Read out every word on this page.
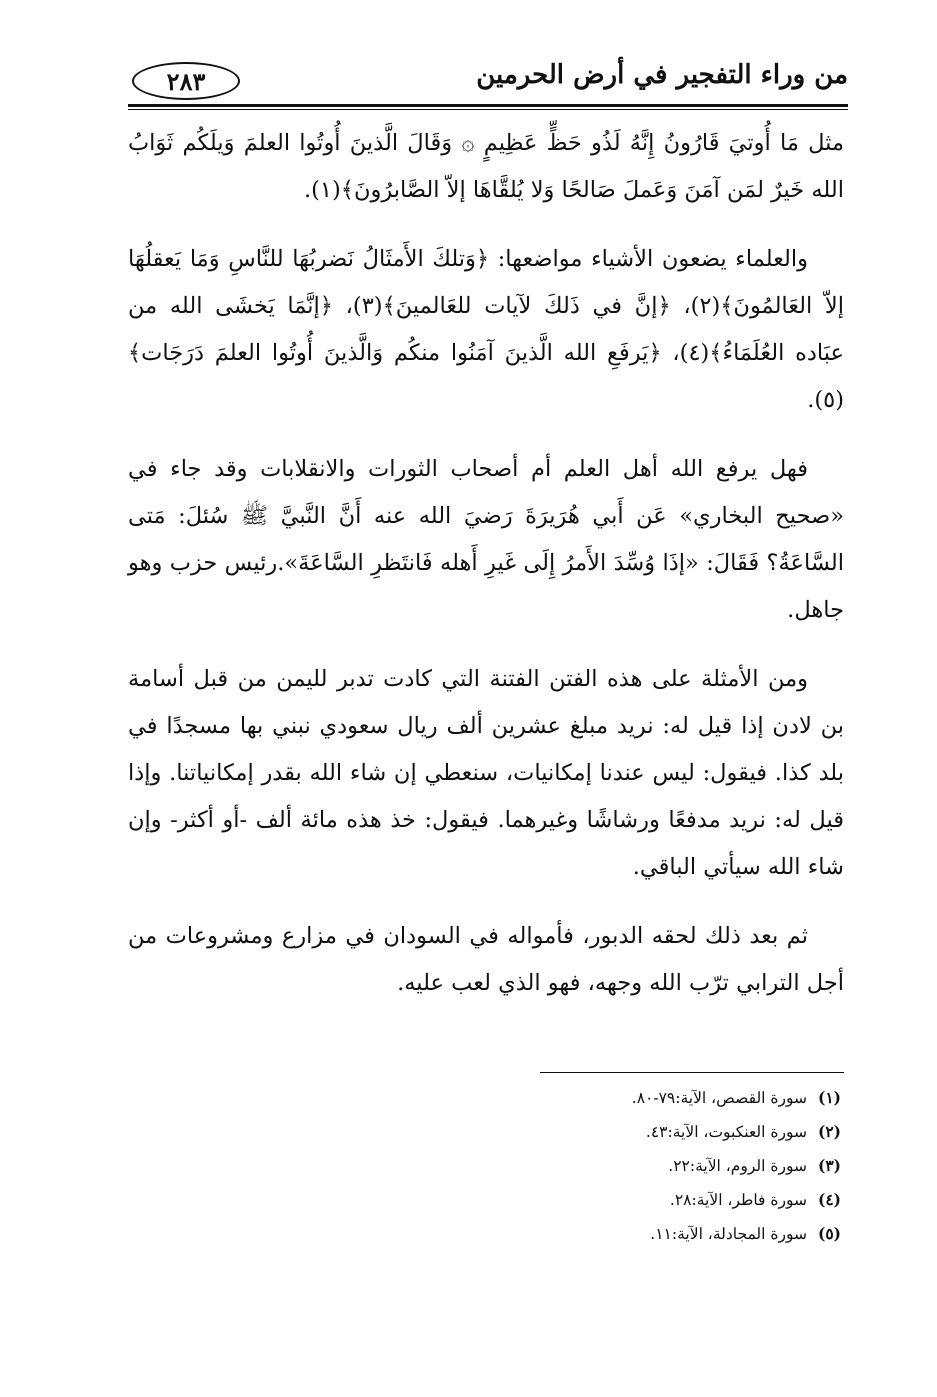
من وراء التفجير في أرض الحرمين
٢٨٣

مثل مَا أُوتيَ قَارُونُ إِنَّهُ لَذُو حَظٍّ عَظِيمٍ ۞ وَقَالَ الَّذينَ أُوتُوا العلمَ وَيلَكُم ثَوَابُ الله خَيرٌ لمَن آمَنَ وَعَملَ صَالحًا وَلا يُلقَّاهَا إلاّ الصَّابرُونَ﴾(١).

والعلماء يضعون الأشياء مواضعها: ﴿وَتلكَ الأَمثَالُ نَضربُهَا للنَّاسِ وَمَا يَعقلُهَا إلاّ العَالمُونَ﴾(٢)، ﴿إنَّ في ذَلكَ لآيات للعَالمينَ﴾(٣)، ﴿إنَّمَا يَخشَى الله من عبَاده العُلَمَاءُ﴾(٤)، ﴿يَرفَعِ الله الَّذينَ آمَنُوا منكُم وَالَّذينَ أُوتُوا العلمَ دَرَجَات﴾(٥).

فهل يرفع الله أهل العلم أم أصحاب الثورات والانقلابات وقد جاء في «صحيح البخاري» عَن أَبي هُرَيرَةَ رَضيَ الله عنه أَنَّ النَّبيَّ ﷺ سُئلَ: مَتى السَّاعَةُ؟ فَقَالَ: «إذَا وُسِّدَ الأَمرُ إِلَى غَيرِ أَهله فَانتَظرِ السَّاعَةَ».رئيس حزب وهو جاهل.

ومن الأمثلة على هذه الفتن الفتنة التي كادت تدبر لليمن من قبل أسامة بن لادن إذا قيل له: نريد مبلغ عشرين ألف ريال سعودي نبني بها مسجدًا في بلد كذا. فيقول: ليس عندنا إمكانيات، سنعطي إن شاء الله بقدر إمكانياتنا. وإذا قيل له: نريد مدفعًا ورشاشًا وغيرهما. فيقول: خذ هذه مائة ألف -أو أكثر- وإن شاء الله سيأتي الباقي.

ثم بعد ذلك لحقه الدبور، فأمواله في السودان في مزارع ومشروعات من أجل الترابي ترّب الله وجهه، فهو الذي لعب عليه.

(١)سورة القصص، الآية:٧٩-٨٠.
(٢)سورة العنكبوت، الآية:٤٣.
(٣)سورة الروم، الآية:٢٢.
(٤)سورة فاطر، الآية:٢٨.
(٥)سورة المجادلة، الآية:١١.
